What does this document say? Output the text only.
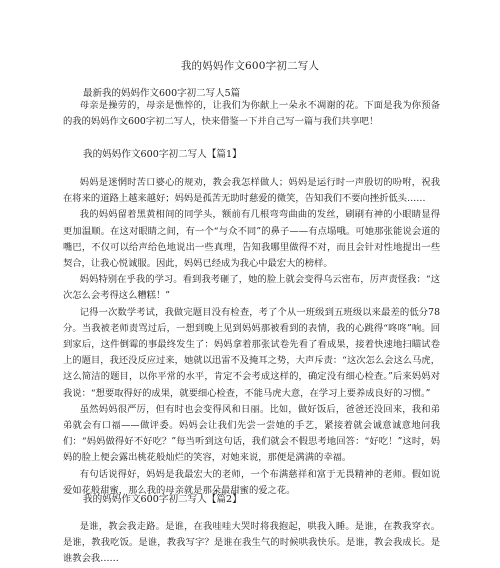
我的妈妈作文600字初二写人
最新我的妈妈作文600字初二写人5篇

母亲是操劳的，母亲是憔悴的，让我们为你献上一朵永不凋谢的花。下面是我为你预备的我的妈妈作文600字初二写人，快来借鉴一下并自己写一篇与我们共享吧！

我的妈妈作文600字初二写人【篇1】

妈妈是迷惘时苦口婆心的规劝，教会我怎样做人；妈妈是运行时一声殷切的吩咐，祝我在将来的道路上越来越好；妈妈是孤苦无助时慈爱的微笑，告知我们不要向挫折低头……

我的妈妈留着黑黄相间的同学头，额前有几根弯弯曲曲的发丝，刷刷有神的小眼睛显得更加温顺。在这对眼睛之间，有一个“与众不同”的鼻子——有点塌哦。可她那张能说会道的嘴巴，不仅可以给声给色地说出一些真理，告知我哪里做得不对，而且会针对性地提出一些契合，让我心悦诚服。因此，妈妈已经成为我心中最宏大的榜样。

妈妈特别在乎我的学习。看到我考砸了，她的脸上就会变得乌云密布，厉声责怪我：“这次怎么会考得这么糟糕！”

记得一次数学考试，我做完题目没有检查，考了个从一班级到五班级以来最差的低分78分。当我被老师责骂过后，一想到晚上见到妈妈那被看到的表情，我的心跳得“咚咚”响。回到家后，这件倒霉的事最终发生了：妈妈拿着那张试卷先看了看成果，接着快速地扫瞄试卷上的题目，我还没反应过来，她就以迅雷不及掩耳之势，大声斥责：“这次怎么会这么马虎，这么简洁的题目，以你平常的水平，肯定不会考成这样的，确定没有细心检查。”后来妈妈对我说：“想要取得好的成果，就要细心检查，不能马虎大意，在学习上要养成良好的习惯。”

虽然妈妈很严厉，但有时也会变得风和日丽。比如，做好饭后，爸爸还没回来，我和弟弟就会有口福——做评委。妈妈会让我们先尝一尝她的手艺，紧接着就会诚意诚意地问我们：“妈妈做得好不好吃？”每当听到这句话，我们就会不假思考地回答：“好吃！”这时，妈妈的脸上便会露出桃花般灿烂的笑容，对她来说，那便是满满的幸福。

有句话说得好，妈妈是我最宏大的老师，一个布满慈祥和富于无畏精神的老师。假如说爱如花般甜蜜，那么我的母亲就是那朵最甜蜜的爱之花。

我的妈妈作文600字初二写人【篇2】

是谁，教会我走路。是谁，在我哇哇大哭时将我抱起，哄我入睡。是谁，在教我穿衣。是谁，教我吃饭。是谁，教我写字？是谁在我生气的时候哄我快乐。是谁，教会我成长。是谁教会我……
